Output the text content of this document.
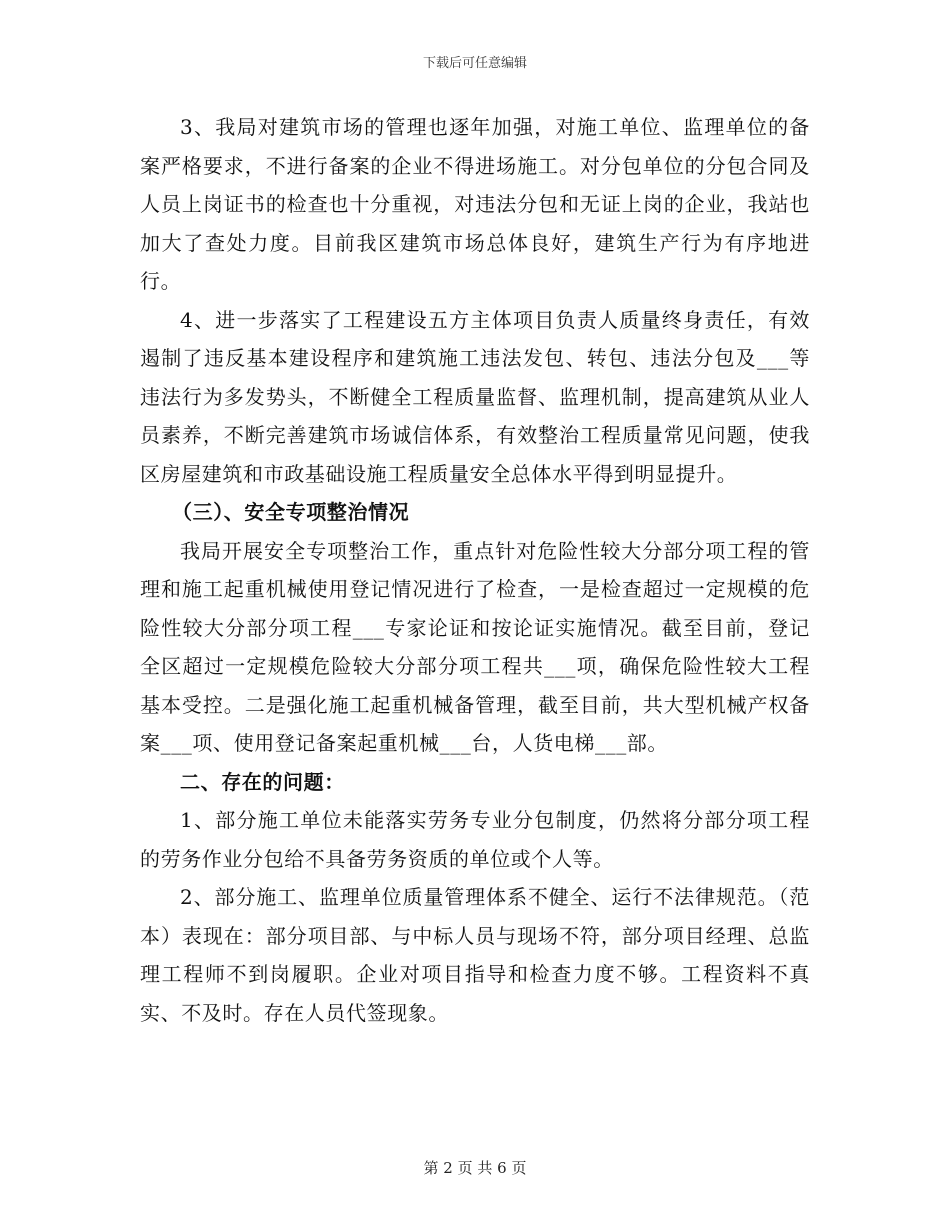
下载后可任意编辑

3、我局对建筑市场的管理也逐年加强，对施工单位、监理单位的备案严格要求，不进行备案的企业不得进场施工。对分包单位的分包合同及人员上岗证书的检查也十分重视，对违法分包和无证上岗的企业，我站也加大了查处力度。目前我区建筑市场总体良好，建筑生产行为有序地进行。

4、进一步落实了工程建设五方主体项目负责人质量终身责任，有效遏制了违反基本建设程序和建筑施工违法发包、转包、违法分包及___等违法行为多发势头，不断健全工程质量监督、监理机制，提高建筑从业人员素养，不断完善建筑市场诚信体系，有效整治工程质量常见问题，使我区房屋建筑和市政基础设施工程质量安全总体水平得到明显提升。

（三）、安全专项整治情况

我局开展安全专项整治工作，重点针对危险性较大分部分项工程的管理和施工起重机械使用登记情况进行了检查，一是检查超过一定规模的危险性较大分部分项工程___专家论证和按论证实施情况。截至目前，登记全区超过一定规模危险较大分部分项工程共___项，确保危险性较大工程基本受控。二是强化施工起重机械备管理，截至目前，共大型机械产权备案___项、使用登记备案起重机械___台，人货电梯___部。

二、存在的问题：

1、部分施工单位未能落实劳务专业分包制度，仍然将分部分项工程的劳务作业分包给不具备劳务资质的单位或个人等。

2、部分施工、监理单位质量管理体系不健全、运行不法律规范。（范本）表现在：部分项目部、与中标人员与现场不符，部分项目经理、总监理工程师不到岗履职。企业对项目指导和检查力度不够。工程资料不真实、不及时。存在人员代签现象。

第 2 页 共 6 页
